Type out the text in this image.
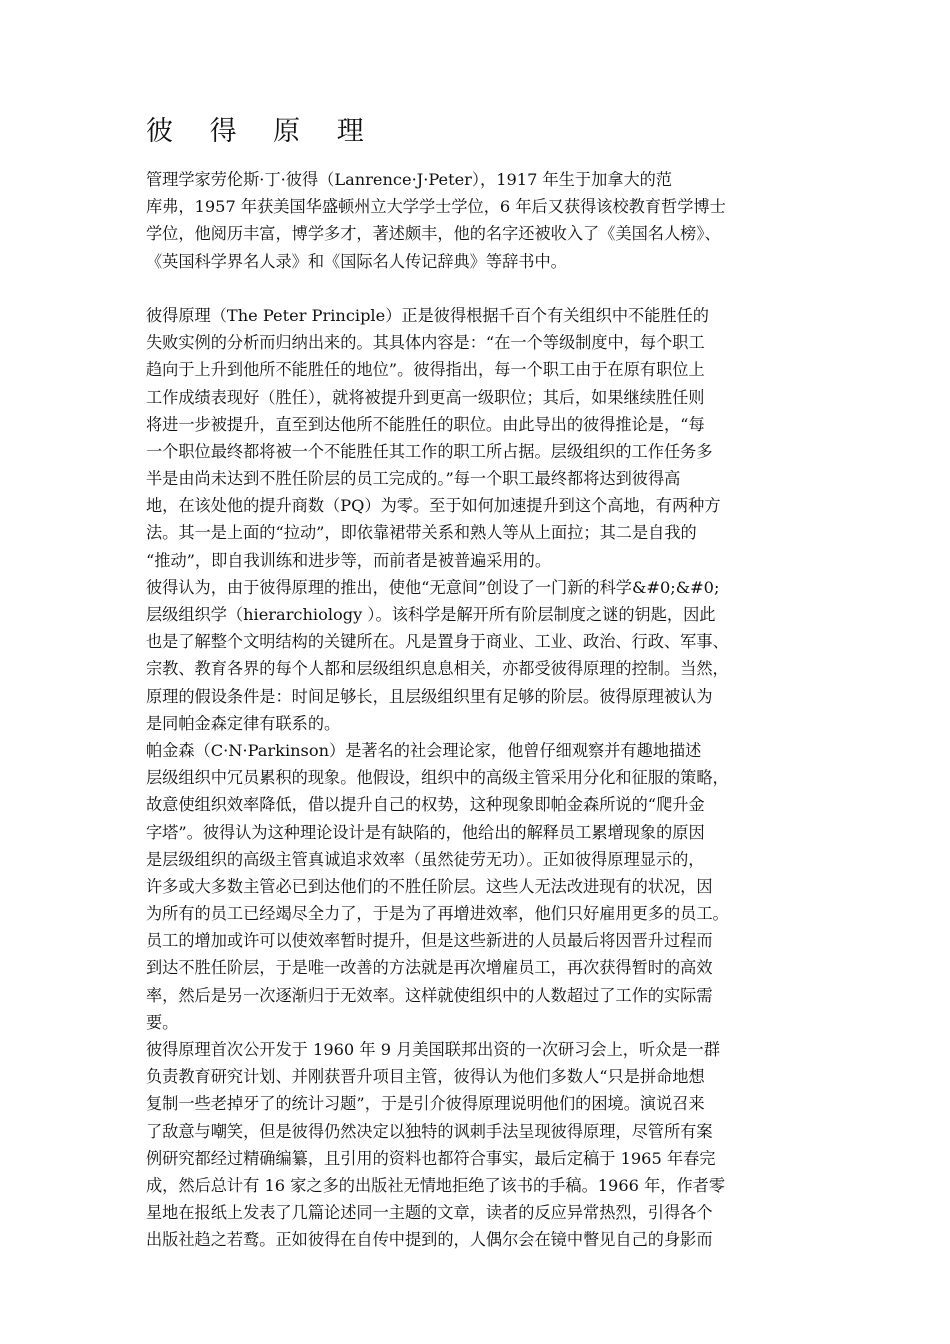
彼 得 原 理
管理学家劳伦斯·丁·彼得（Lanrence·J·Peter），1917 年生于加拿大的范
库弗，1957 年获美国华盛顿州立大学学士学位，6 年后又获得该校教育哲学博士
学位，他阅历丰富，博学多才，著述颇丰，他的名字还被收入了《美国名人榜》、
《英国科学界名人录》和《国际名人传记辞典》等辞书中。
彼得原理（The Peter Principle）正是彼得根据千百个有关组织中不能胜任的
失败实例的分析而归纳出来的。其具体内容是：“在一个等级制度中，每个职工
趋向于上升到他所不能胜任的地位”。彼得指出，每一个职工由于在原有职位上
工作成绩表现好（胜任），就将被提升到更高一级职位；其后，如果继续胜任则
将进一步被提升，直至到达他所不能胜任的职位。由此导出的彼得推论是，“每
一个职位最终都将被一个不能胜任其工作的职工所占据。层级组织的工作任务多
半是由尚未达到不胜任阶层的员工完成的。”每一个职工最终都将达到彼得高
地，在该处他的提升商数（PQ）为零。至于如何加速提升到这个高地，有两种方
法。其一是上面的“拉动”，即依靠裙带关系和熟人等从上面拉；其二是自我的
“推动”，即自我训练和进步等，而前者是被普遍采用的。
彼得认为，由于彼得原理的推出，使他“无意间”创设了一门新的科学&#0;&#0;
层级组织学（hierarchiology ）。该科学是解开所有阶层制度之谜的钥匙，因此
也是了解整个文明结构的关键所在。凡是置身于商业、工业、政治、行政、军事、
宗教、教育各界的每个人都和层级组织息息相关，亦都受彼得原理的控制。当然，
原理的假设条件是：时间足够长，且层级组织里有足够的阶层。彼得原理被认为
是同帕金森定律有联系的。
帕金森（C·N·Parkinson）是著名的社会理论家，他曾仔细观察并有趣地描述
层级组织中冗员累积的现象。他假设，组织中的高级主管采用分化和征服的策略，
故意使组织效率降低，借以提升自己的权势，这种现象即帕金森所说的“爬升金
字塔”。彼得认为这种理论设计是有缺陷的，他给出的解释员工累增现象的原因
是层级组织的高级主管真诚追求效率（虽然徒劳无功）。正如彼得原理显示的，
许多或大多数主管必已到达他们的不胜任阶层。这些人无法改进现有的状况，因
为所有的员工已经竭尽全力了，于是为了再增进效率，他们只好雇用更多的员工。
员工的增加或许可以使效率暂时提升，但是这些新进的人员最后将因晋升过程而
到达不胜任阶层，于是唯一改善的方法就是再次增雇员工，再次获得暂时的高效
率，然后是另一次逐渐归于无效率。这样就使组织中的人数超过了工作的实际需
要。
彼得原理首次公开发于 1960 年 9 月美国联邦出资的一次研习会上，听众是一群
负责教育研究计划、并刚获晋升项目主管，彼得认为他们多数人“只是拼命地想
复制一些老掉牙了的统计习题”，于是引介彼得原理说明他们的困境。演说召来
了敌意与嘲笑，但是彼得仍然决定以独特的讽刺手法呈现彼得原理，尽管所有案
例研究都经过精确编纂，且引用的资料也都符合事实，最后定稿于 1965 年春完
成，然后总计有 16 家之多的出版社无情地拒绝了该书的手稿。1966 年，作者零
星地在报纸上发表了几篇论述同一主题的文章，读者的反应异常热烈，引得各个
出版社趋之若鹜。正如彼得在自传中提到的，人偶尔会在镜中瞥见自己的身影而
